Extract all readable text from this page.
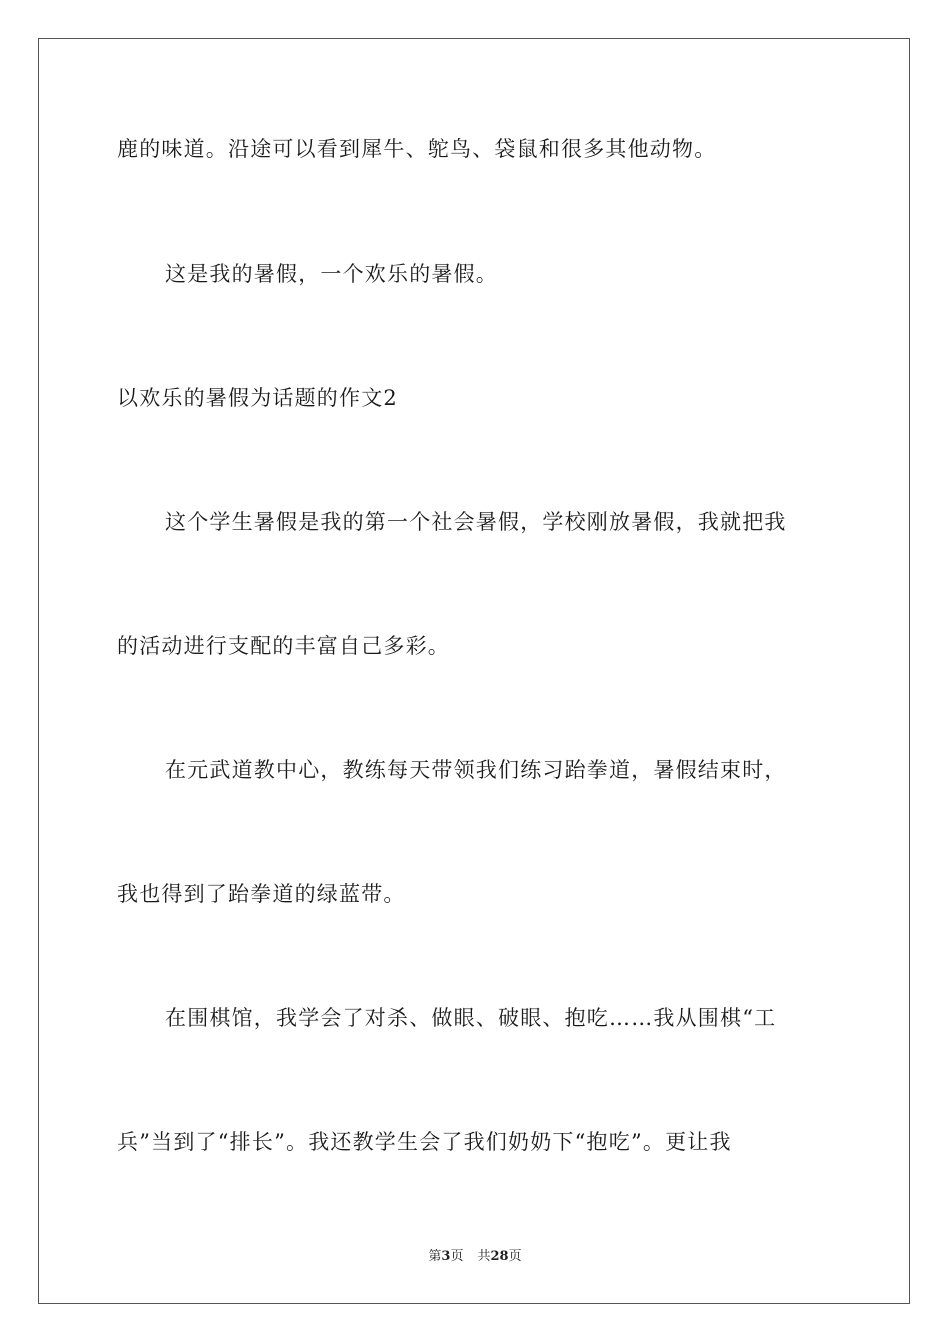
鹿的味道。沿途可以看到犀牛、鸵鸟、袋鼠和很多其他动物。
这是我的暑假，一个欢乐的暑假。
以欢乐的暑假为话题的作文2
这个学生暑假是我的第一个社会暑假，学校刚放暑假，我就把我
的活动进行支配的丰富自己多彩。
在元武道教中心，教练每天带领我们练习跆拳道，暑假结束时，
我也得到了跆拳道的绿蓝带。
在围棋馆，我学会了对杀、做眼、破眼、抱吃……我从围棋“工
兵”当到了“排长”。我还教学生会了我们奶奶下“抱吃”。更让我
第3页 共28页
